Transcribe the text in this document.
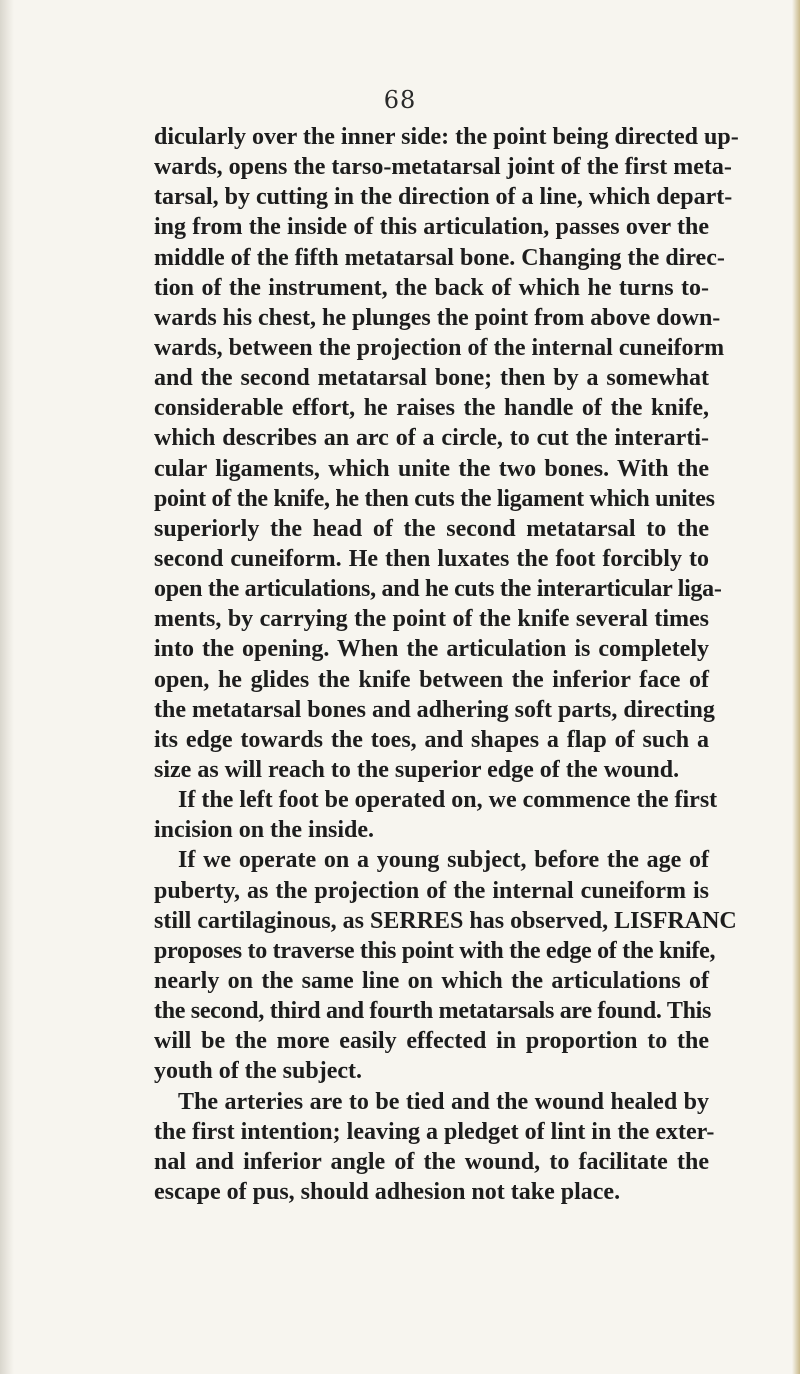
68
dicularly over the inner side: the point being directed up-
wards, opens the tarso-metatarsal joint of the first meta-
tarsal, by cutting in the direction of a line, which depart-
ing from the inside of this articulation, passes over the
middle of the fifth metatarsal bone. Changing the direc-
tion of the instrument, the back of which he turns to-
wards his chest, he plunges the point from above down-
wards, between the projection of the internal cuneiform
and the second metatarsal bone; then by a somewhat
considerable effort, he raises the handle of the knife,
which describes an arc of a circle, to cut the interarti-
cular ligaments, which unite the two bones. With the
point of the knife, he then cuts the ligament which unites
superiorly the head of the second metatarsal to the
second cuneiform. He then luxates the foot forcibly to
open the articulations, and he cuts the interarticular liga-
ments, by carrying the point of the knife several times
into the opening. When the articulation is completely
open, he glides the knife between the inferior face of
the metatarsal bones and adhering soft parts, directing
its edge towards the toes, and shapes a flap of such a
size as will reach to the superior edge of the wound.
If the left foot be operated on, we commence the first
incision on the inside.
If we operate on a young subject, before the age of
puberty, as the projection of the internal cuneiform is
still cartilaginous, as SERRES has observed, LISFRANC
proposes to traverse this point with the edge of the knife,
nearly on the same line on which the articulations of
the second, third and fourth metatarsals are found. This
will be the more easily effected in proportion to the
youth of the subject.
The arteries are to be tied and the wound healed by
the first intention; leaving a pledget of lint in the exter-
nal and inferior angle of the wound, to facilitate the
escape of pus, should adhesion not take place.
